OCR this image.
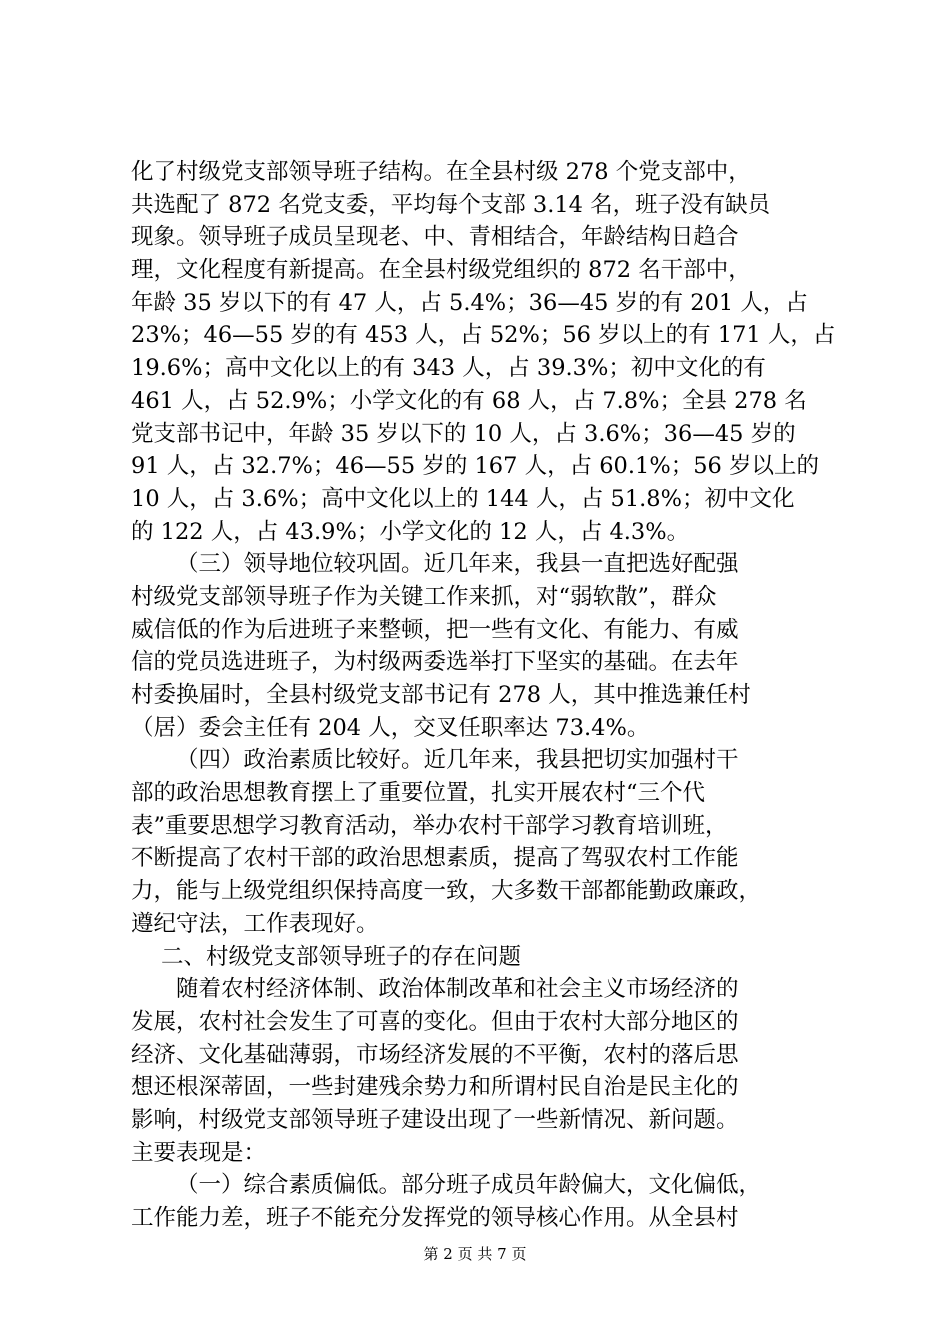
化了村级党支部领导班子结构。在全县村级 278 个党支部中，
共选配了 872 名党支委，平均每个支部 3.14 名，班子没有缺员
现象。领导班子成员呈现老、中、青相结合，年龄结构日趋合
理，文化程度有新提高。在全县村级党组织的 872 名干部中，
年龄 35 岁以下的有 47 人，占 5.4%；36—45 岁的有 201 人，占
23%；46—55 岁的有 453 人，占 52%；56 岁以上的有 171 人，占
19.6%；高中文化以上的有 343 人，占 39.3%；初中文化的有
461 人，占 52.9%；小学文化的有 68 人，占 7.8%；全县 278 名
党支部书记中，年龄 35 岁以下的 10 人，占 3.6%；36—45 岁的
91 人，占 32.7%；46—55 岁的 167 人，占 60.1%；56 岁以上的
10 人，占 3.6%；高中文化以上的 144 人，占 51.8%；初中文化
的 122 人，占 43.9%；小学文化的 12 人，占 4.3%。
（三）领导地位较巩固。近几年来，我县一直把选好配强
村级党支部领导班子作为关键工作来抓，对“弱软散”，群众
威信低的作为后进班子来整顿，把一些有文化、有能力、有威
信的党员选进班子，为村级两委选举打下坚实的基础。在去年
村委换届时，全县村级党支部书记有 278 人，其中推选兼任村
（居）委会主任有 204 人，交叉任职率达 73.4%。
（四）政治素质比较好。近几年来，我县把切实加强村干
部的政治思想教育摆上了重要位置，扎实开展农村“三个代
表”重要思想学习教育活动，举办农村干部学习教育培训班，
不断提高了农村干部的政治思想素质，提高了驾驭农村工作能
力，能与上级党组织保持高度一致，大多数干部都能勤政廉政，
遵纪守法，工作表现好。
二、村级党支部领导班子的存在问题
随着农村经济体制、政治体制改革和社会主义市场经济的
发展，农村社会发生了可喜的变化。但由于农村大部分地区的
经济、文化基础薄弱，市场经济发展的不平衡，农村的落后思
想还根深蒂固，一些封建残余势力和所谓村民自治是民主化的
影响，村级党支部领导班子建设出现了一些新情况、新问题。
主要表现是：
（一）综合素质偏低。部分班子成员年龄偏大，文化偏低，
工作能力差，班子不能充分发挥党的领导核心作用。从全县村
第 2 页 共 7 页
